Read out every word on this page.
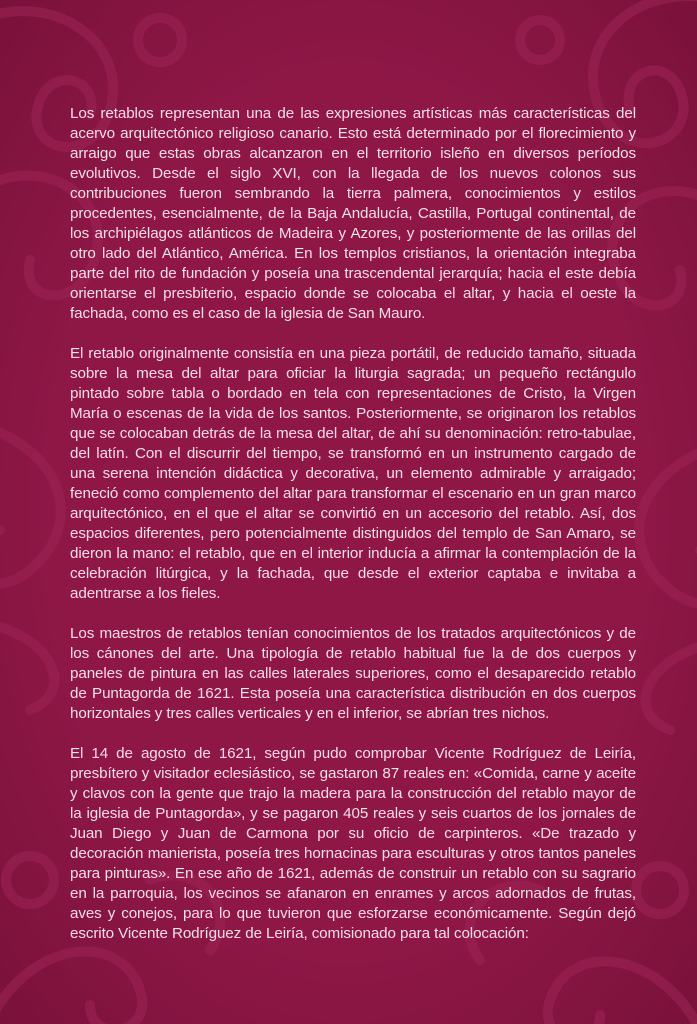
Los retablos representan una de las expresiones artísticas más características del acervo arquitectónico religioso canario. Esto está determinado por el florecimiento y arraigo que estas obras alcanzaron en el territorio isleño en diversos períodos evolutivos. Desde el siglo XVI, con la llegada de los nuevos colonos sus contribuciones fueron sembrando la tierra palmera, conocimientos y estilos procedentes, esencialmente, de la Baja Andalucía, Castilla, Portugal continental, de los archipiélagos atlánticos de Madeira y Azores, y posteriormente de las orillas del otro lado del Atlántico, América. En los templos cristianos, la orientación integraba parte del rito de fundación y poseía una trascendental jerarquía; hacia el este debía orientarse el presbiterio, espacio donde se colocaba el altar, y hacia el oeste la fachada, como es el caso de la iglesia de San Mauro.

El retablo originalmente consistía en una pieza portátil, de reducido tamaño, situada sobre la mesa del altar para oficiar la liturgia sagrada; un pequeño rectángulo pintado sobre tabla o bordado en tela con representaciones de Cristo, la Virgen María o escenas de la vida de los santos. Posteriormente, se originaron los retablos que se colocaban detrás de la mesa del altar, de ahí su denominación: retro-tabulae, del latín. Con el discurrir del tiempo, se transformó en un instrumento cargado de una serena intención didáctica y decorativa, un elemento admirable y arraigado; feneció como complemento del altar para transformar el escenario en un gran marco arquitectónico, en el que el altar se convirtió en un accesorio del retablo. Así, dos espacios diferentes, pero potencialmente distinguidos del templo de San Amaro, se dieron la mano: el retablo, que en el interior inducía a afirmar la contemplación de la celebración litúrgica, y la fachada, que desde el exterior captaba e invitaba a adentrarse a los fieles.

Los maestros de retablos tenían conocimientos de los tratados arquitectónicos y de los cánones del arte. Una tipología de retablo habitual fue la de dos cuerpos y paneles de pintura en las calles laterales superiores, como el desaparecido retablo de Puntagorda de 1621. Esta poseía una característica distribución en dos cuerpos horizontales y tres calles verticales y en el inferior, se abrían tres nichos.

El 14 de agosto de 1621, según pudo comprobar Vicente Rodríguez de Leiría, presbítero y visitador eclesiástico, se gastaron 87 reales en: «Comida, carne y aceite y clavos con la gente que trajo la madera para la construcción del retablo mayor de la iglesia de Puntagorda», y se pagaron 405 reales y seis cuartos de los jornales de Juan Diego y Juan de Carmona por su oficio de carpinteros. «De trazado y decoración manierista, poseía tres hornacinas para esculturas y otros tantos paneles para pinturas». En ese año de 1621, además de construir un retablo con su sagrario en la parroquia, los vecinos se afanaron en enrames y arcos adornados de frutas, aves y conejos, para lo que tuvieron que esforzarse económicamente. Según dejó escrito Vicente Rodríguez de Leiría, comisionado para tal colocación:
